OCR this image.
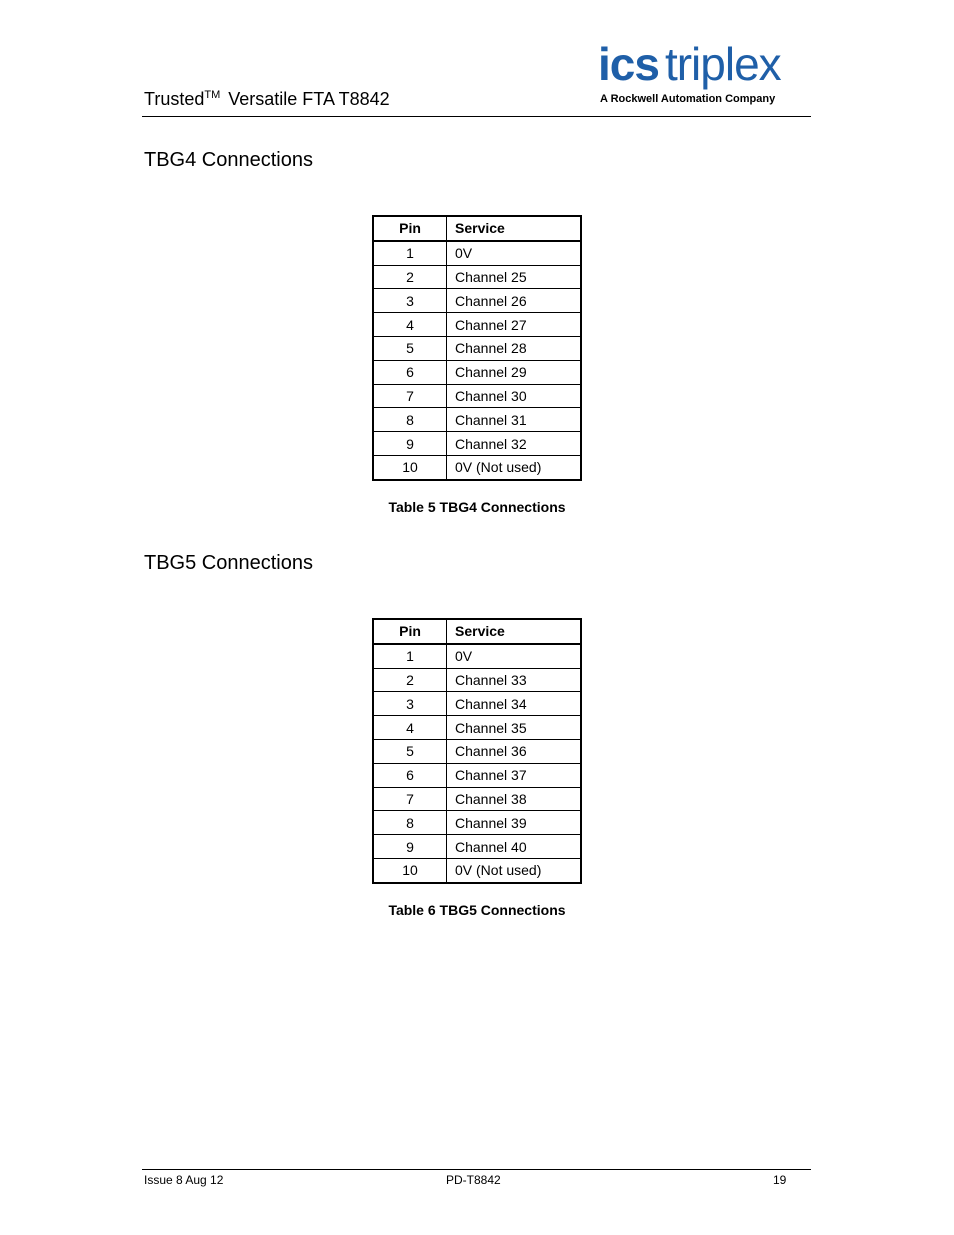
Trusted™ Versatile FTA T8842
ics triplex
A Rockwell Automation Company
TBG4 Connections
Pin	Service
1	0V
2	Channel 25
3	Channel 26
4	Channel 27
5	Channel 28
6	Channel 29
7	Channel 30
8	Channel 31
9	Channel 32
10	0V (Not used)
Table 5 TBG4 Connections
TBG5 Connections
Pin	Service
1	0V
2	Channel 33
3	Channel 34
4	Channel 35
5	Channel 36
6	Channel 37
7	Channel 38
8	Channel 39
9	Channel 40
10	0V (Not used)
Table 6 TBG5 Connections
Issue 8 Aug 12	PD-T8842	19
